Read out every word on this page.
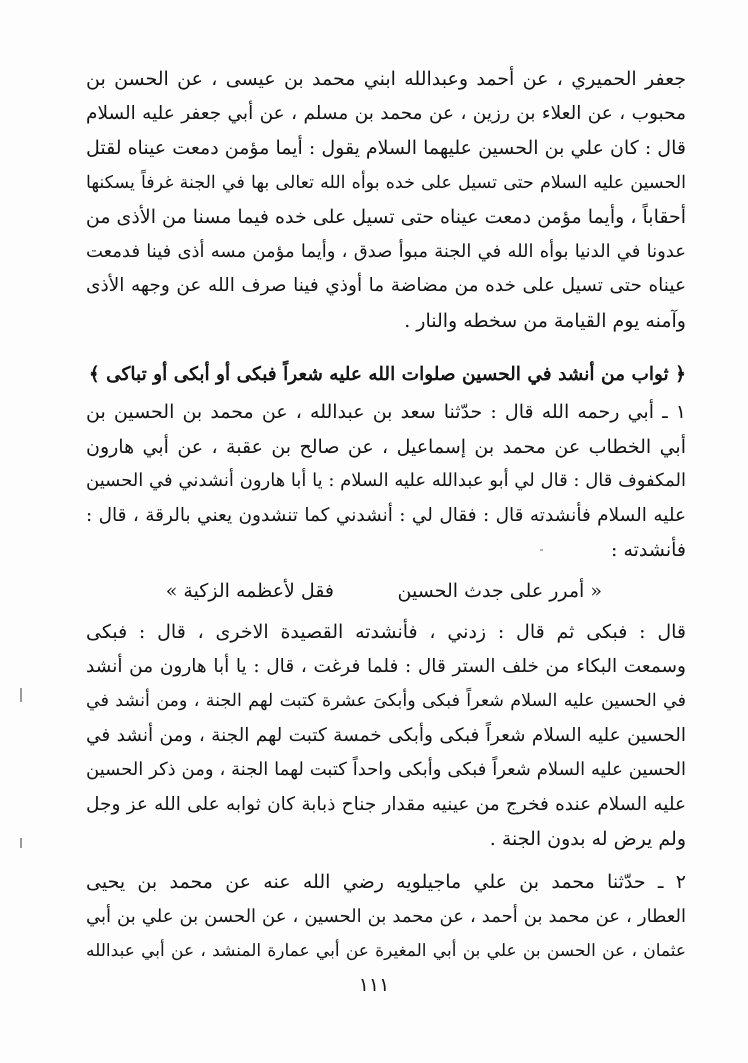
جعفر الحميري ، عن أحمد وعبدالله ابني محمد بن عيسى ، عن الحسن بن
محبوب ، عن العلاء بن رزين ، عن محمد بن مسلم ، عن أبي جعفر عليه السلام
قال : كان علي بن الحسين عليهما السلام يقول : أيما مؤمن دمعت عيناه لقتل
الحسين عليه السلام حتى تسيل على خده بوأه الله تعالى بها في الجنة غرفاً يسكنها
أحقاباً ، وأيما مؤمن دمعت عيناه حتى تسيل على خده فيما مسنا من الأذى من
عدونا في الدنيا بوأه الله في الجنة مبوأ صدق ، وأيما مؤمن مسه أذى فينا فدمعت
عيناه حتى تسيل على خده من مضاضة ما أوذي فينا صرف الله عن وجهه الأذى
وآمنه يوم القيامة من سخطه والنار .
﴿ ثواب من أنشد في الحسين صلوات الله عليه شعراً فبكى أو أبكى أو تباكى ﴾
١ ـ أبي رحمه الله قال : حدّثنا سعد بن عبدالله ، عن محمد بن الحسين بن
أبي الخطاب عن محمد بن إسماعيل ، عن صالح بن عقبة ، عن أبي هارون
المكفوف قال : قال لي أبو عبدالله عليه السلام : يا أبا هارون أنشدني في الحسين
عليه السلام فأنشدته قال : فقال لي : أنشدني كما تنشدون يعني بالرقة ، قال :
فأنشدته :
« أمرر على جدث الحسين
فقل لأعظمه الزكية »
قال : فبكى ثم قال : زدني ، فأنشدته القصيدة الاخرى ، قال : فبكى
وسمعت البكاء من خلف الستر قال : فلما فرغت ، قال : يا أبا هارون من أنشد
في الحسين عليه السلام شعراً فبكى وأبكىَ عشرة كتبت لهم الجنة ، ومن أنشد في
الحسين عليه السلام شعراً فبكى وأبكى خمسة كتبت لهم الجنة ، ومن أنشد في
الحسين عليه السلام شعراً فبكى وأبكى واحداً كتبت لهما الجنة ، ومن ذكر الحسين
عليه السلام عنده فخرج من عينيه مقدار جناح ذبابة كان ثوابه على الله عز وجل
ولم يرض له بدون الجنة .
٢ ـ حدّثنا محمد بن علي ماجيلويه رضي الله عنه عن محمد بن يحيى
العطار ، عن محمد بن أحمد ، عن محمد بن الحسين ، عن الحسن بن علي بن أبي
عثمان ، عن الحسن بن علي بن أبي المغيرة عن أبي عمارة المنشد ، عن أبي عبدالله
١١١
